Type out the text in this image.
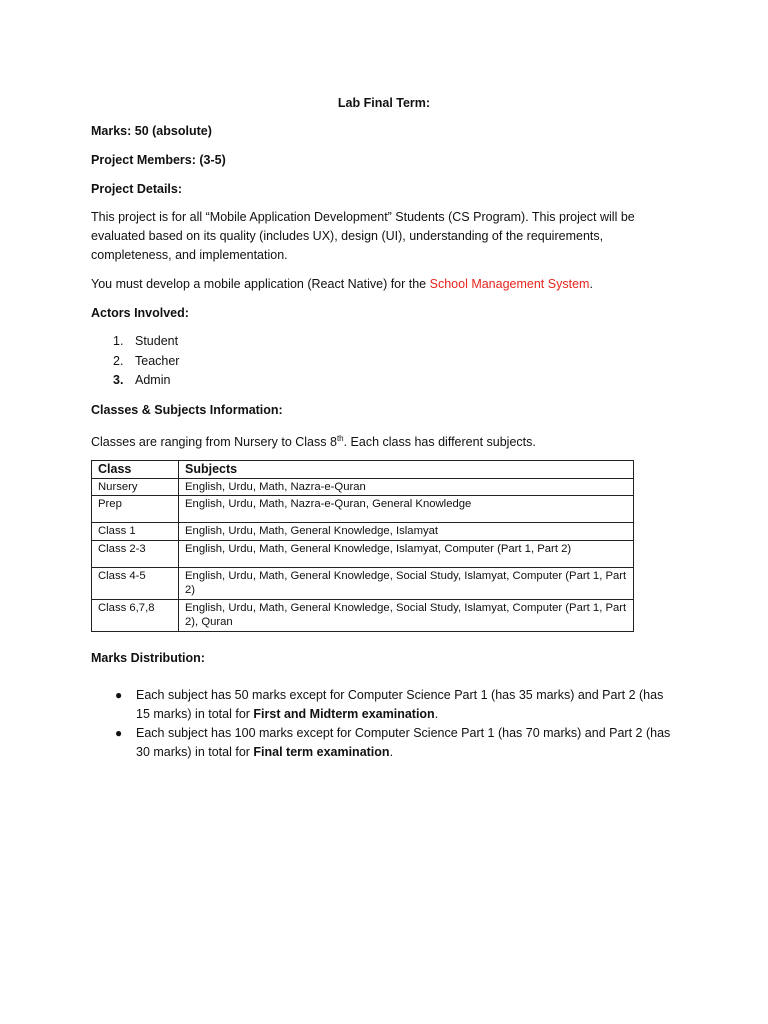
Lab Final Term:

Marks: 50 (absolute)

Project Members: (3-5)

Project Details:

This project is for all “Mobile Application Development” Students (CS Program). This project will be evaluated based on its quality (includes UX), design (UI), understanding of the requirements, completeness, and implementation.

You must develop a mobile application (React Native) for the School Management System.

Actors Involved:

1. Student
2. Teacher
3. Admin

Classes & Subjects Information:

Classes are ranging from Nursery to Class 8th. Each class has different subjects.

Class	Subjects
Nursery	English, Urdu, Math, Nazra-e-Quran
Prep	English, Urdu, Math, Nazra-e-Quran, General Knowledge
Class 1	English, Urdu, Math, General Knowledge, Islamyat
Class 2-3	English, Urdu, Math, General Knowledge, Islamyat, Computer (Part 1, Part 2)
Class 4-5	English, Urdu, Math, General Knowledge, Social Study, Islamyat, Computer (Part 1, Part 2)
Class 6,7,8	English, Urdu, Math, General Knowledge, Social Study, Islamyat, Computer (Part 1, Part 2), Quran

Marks Distribution:

● Each subject has 50 marks except for Computer Science Part 1 (has 35 marks) and Part 2 (has 15 marks) in total for First and Midterm examination.
● Each subject has 100 marks except for Computer Science Part 1 (has 70 marks) and Part 2 (has 30 marks) in total for Final term examination.
